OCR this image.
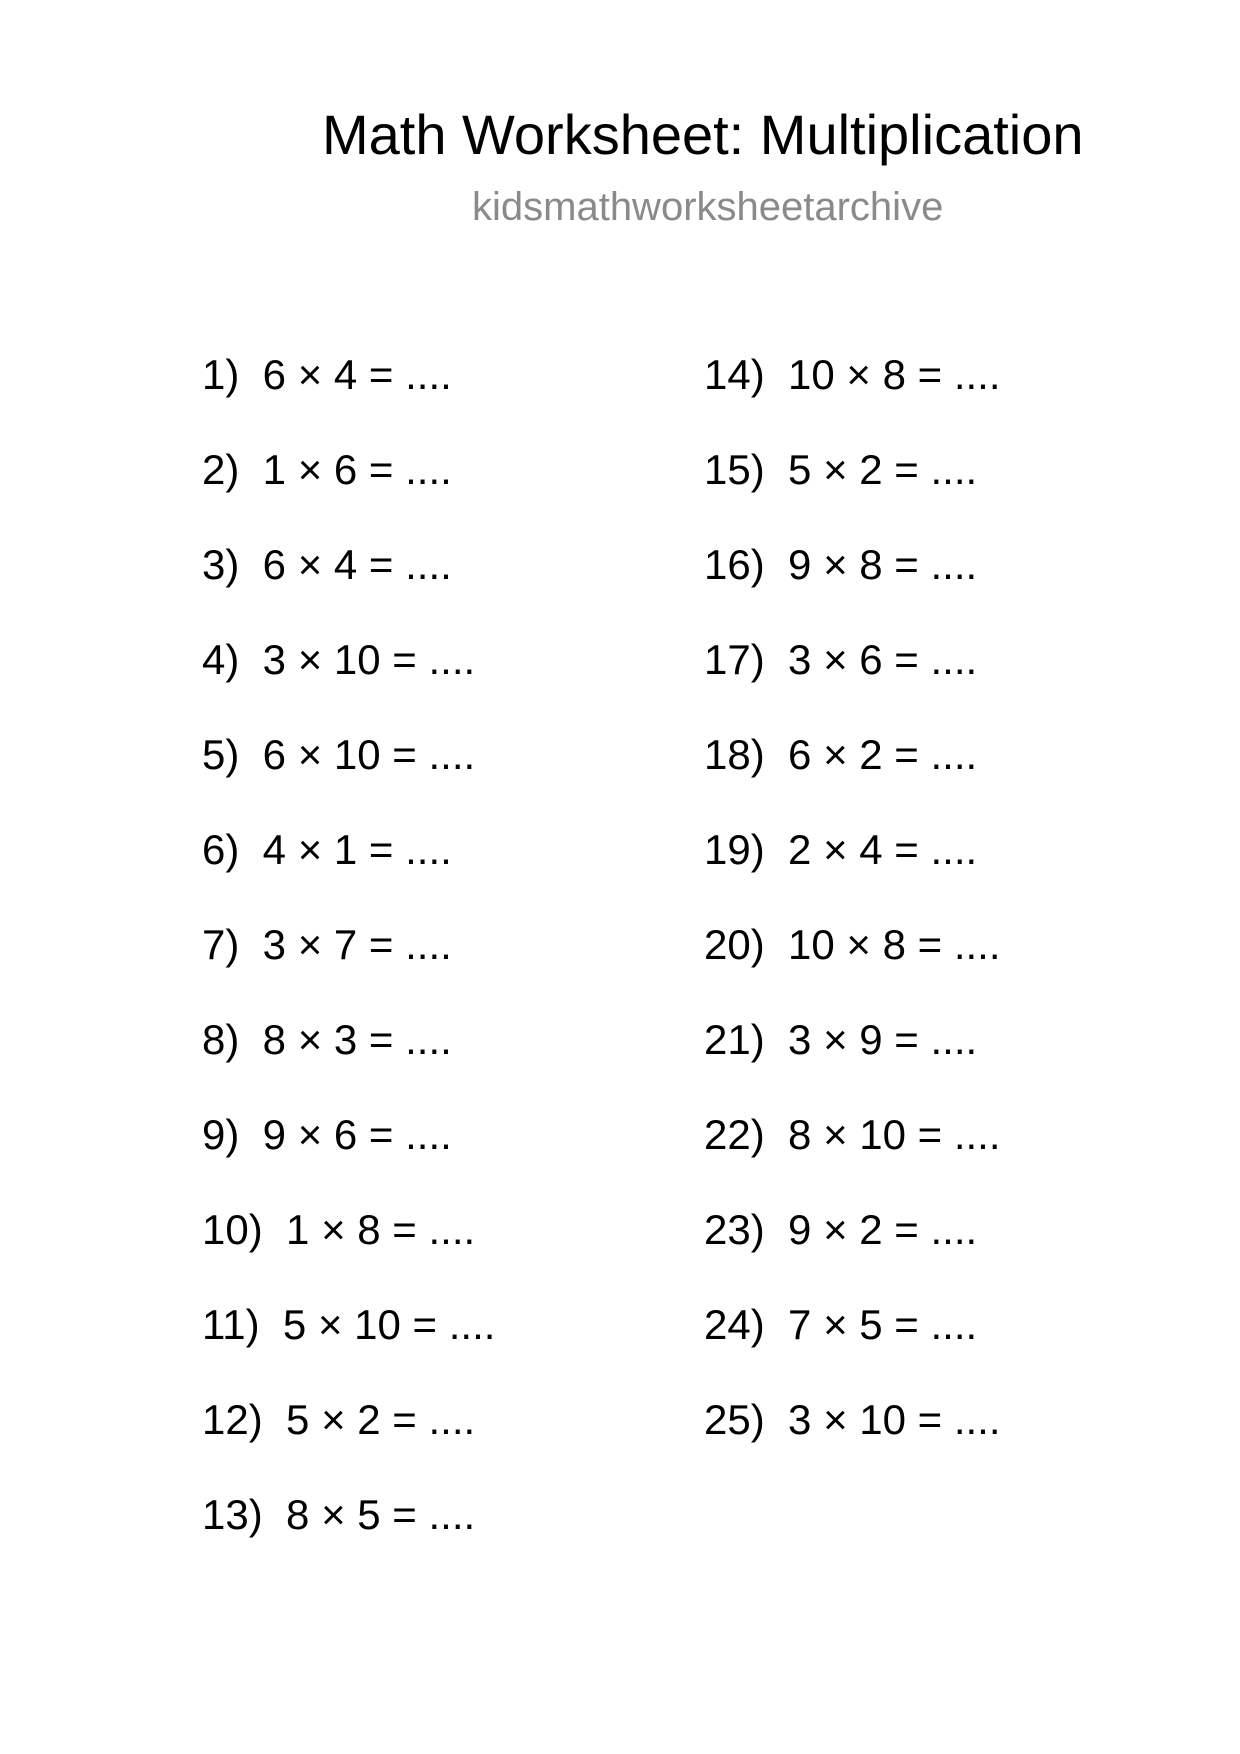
Math Worksheet: Multiplication
kidsmathworksheetarchive
1)  6 × 4 = ....
2)  1 × 6 = ....
3)  6 × 4 = ....
4)  3 × 10 = ....
5)  6 × 10 = ....
6)  4 × 1 = ....
7)  3 × 7 = ....
8)  8 × 3 = ....
9)  9 × 6 = ....
10)  1 × 8 = ....
11)  5 × 10 = ....
12)  5 × 2 = ....
13)  8 × 5 = ....
14)  10 × 8 = ....
15)  5 × 2 = ....
16)  9 × 8 = ....
17)  3 × 6 = ....
18)  6 × 2 = ....
19)  2 × 4 = ....
20)  10 × 8 = ....
21)  3 × 9 = ....
22)  8 × 10 = ....
23)  9 × 2 = ....
24)  7 × 5 = ....
25)  3 × 10 = ....
